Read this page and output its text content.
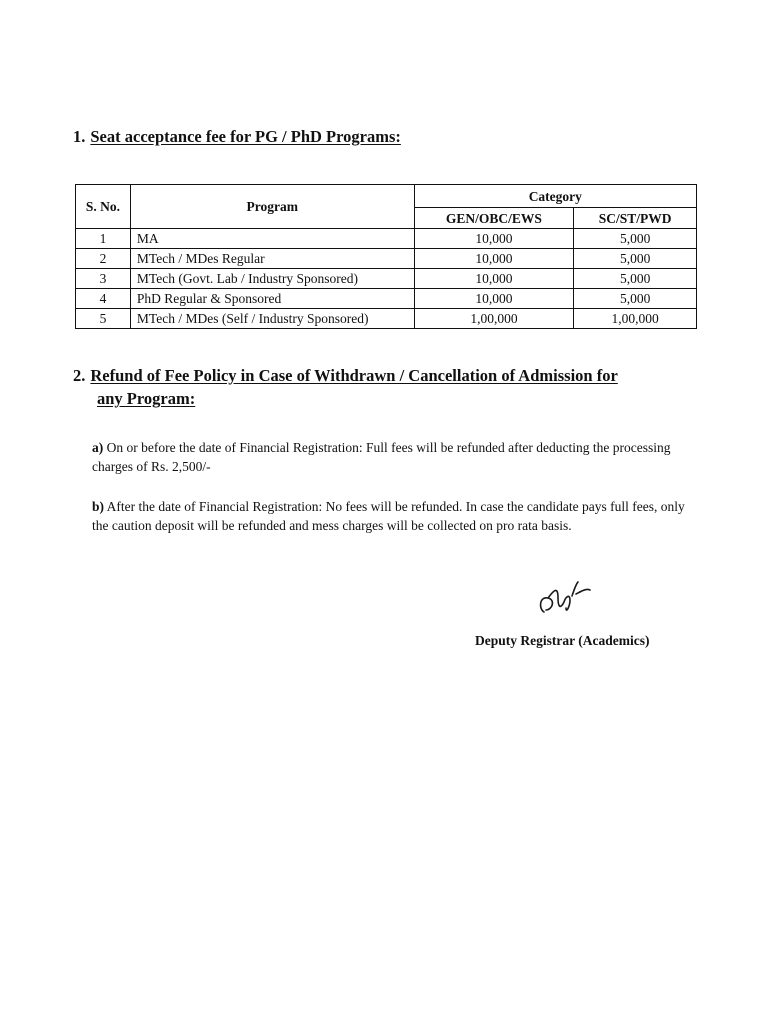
1. Seat acceptance fee for PG / PhD Programs:
S. No.	Program	Category	
		GEN/OBC/EWS	SC/ST/PWD
1	MA	10,000	5,000
2	MTech / MDes Regular	10,000	5,000
3	MTech (Govt. Lab / Industry Sponsored)	10,000	5,000
4	PhD Regular & Sponsored	10,000	5,000
5	MTech / MDes (Self / Industry Sponsored)	1,00,000	1,00,000
2. Refund of Fee Policy in Case of Withdrawn / Cancellation of Admission for
any Program:
a) On or before the date of Financial Registration: Full fees will be refunded after deducting the processing charges of Rs. 2,500/-
b) After the date of Financial Registration: No fees will be refunded. In case the candidate pays full fees, only the caution deposit will be refunded and mess charges will be collected on pro rata basis.
Deputy Registrar (Academics)
